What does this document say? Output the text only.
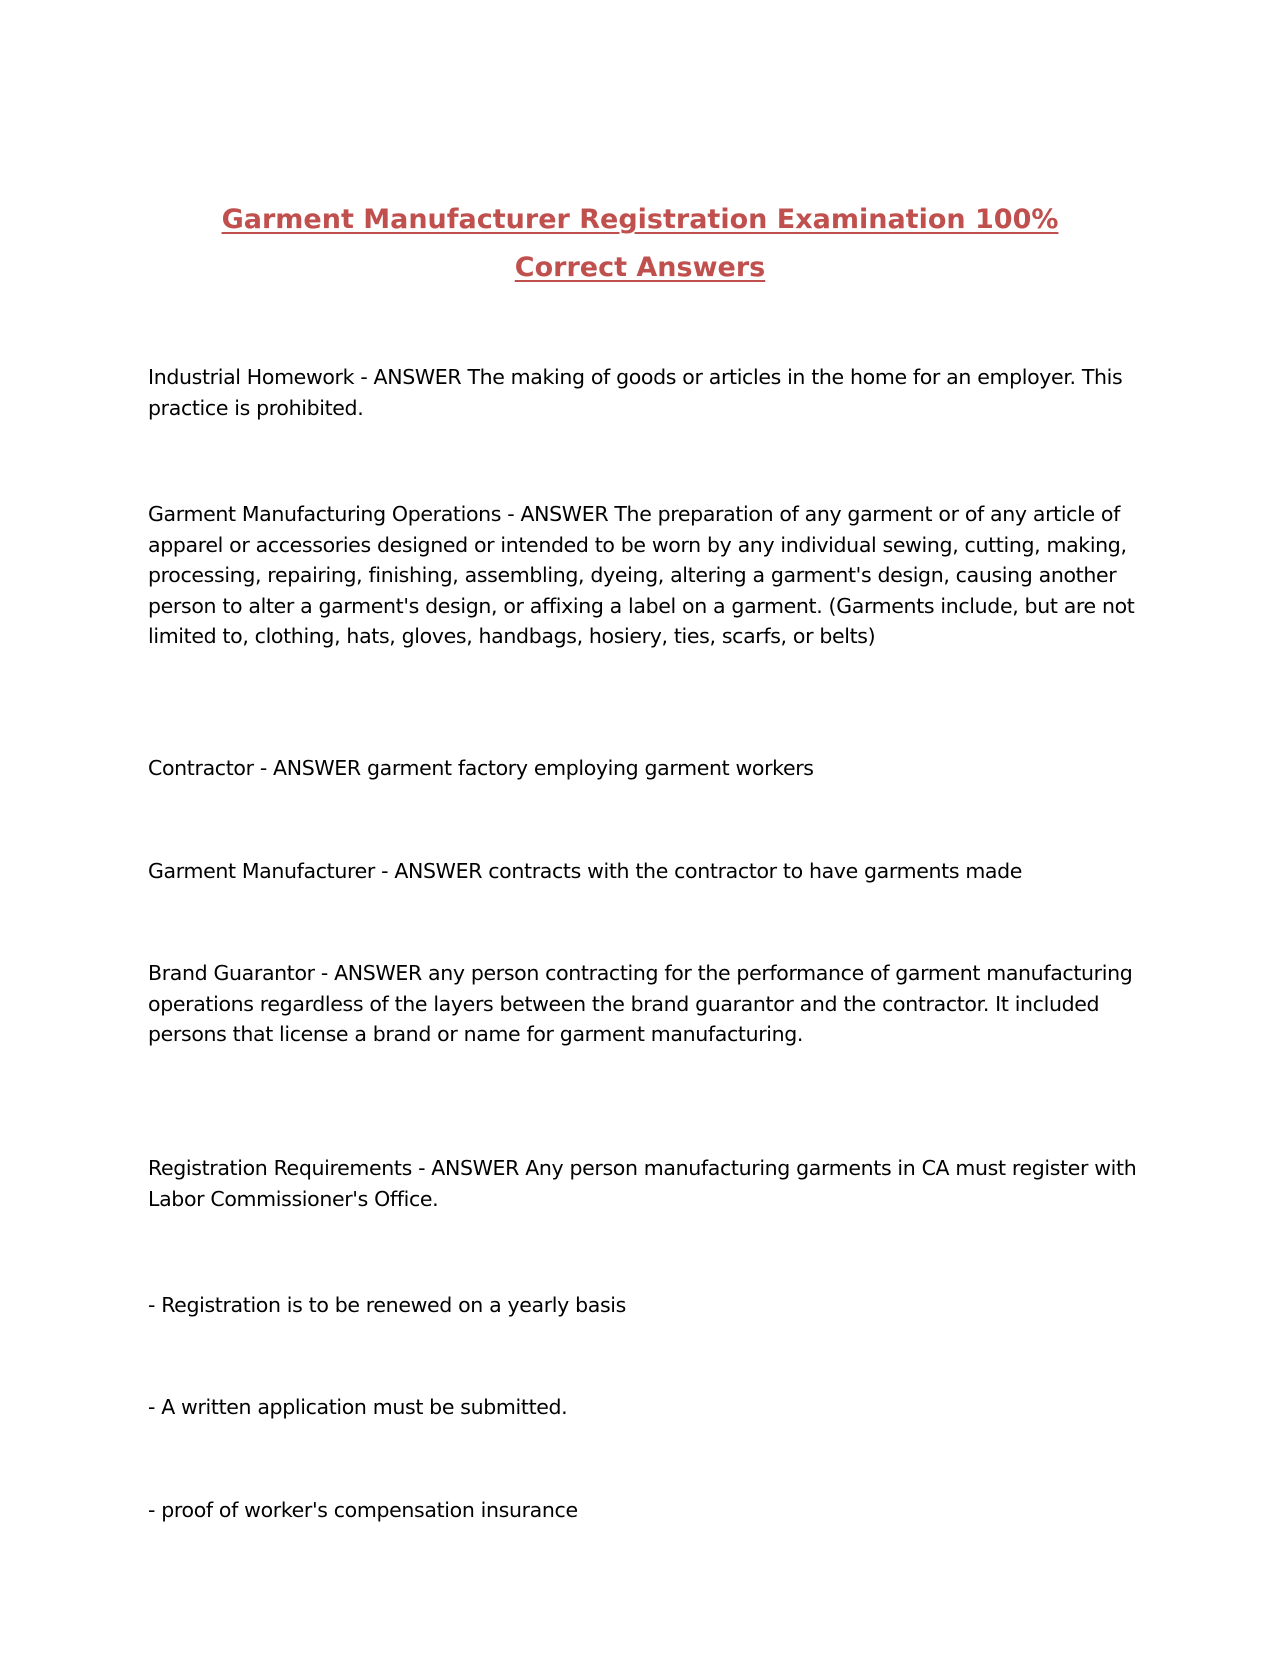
Garment Manufacturer Registration Examination 100%
Correct Answers

Industrial Homework - ANSWER The making of goods or articles in the home for an employer. This practice is prohibited.

Garment Manufacturing Operations - ANSWER The preparation of any garment or of any article of apparel or accessories designed or intended to be worn by any individual sewing, cutting, making, processing, repairing, finishing, assembling, dyeing, altering a garment's design, causing another person to alter a garment's design, or affixing a label on a garment. (Garments include, but are not limited to, clothing, hats, gloves, handbags, hosiery, ties, scarfs, or belts)

Contractor - ANSWER garment factory employing garment workers

Garment Manufacturer - ANSWER contracts with the contractor to have garments made

Brand Guarantor - ANSWER any person contracting for the performance of garment manufacturing operations regardless of the layers between the brand guarantor and the contractor. It included persons that license a brand or name for garment manufacturing.

Registration Requirements - ANSWER Any person manufacturing garments in CA must register with Labor Commissioner's Office.

- Registration is to be renewed on a yearly basis

- A written application must be submitted.

- proof of worker's compensation insurance
